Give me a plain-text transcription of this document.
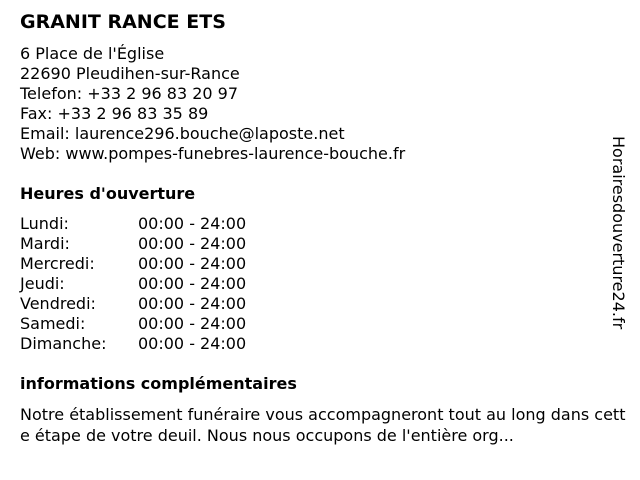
GRANIT RANCE ETS
6 Place de l'Église
22690 Pleudihen-sur-Rance
Telefon: +33 2 96 83 20 97
Fax: +33 2 96 83 35 89
Email: laurence296.bouche@laposte.net
Web: www.pompes-funebres-laurence-bouche.fr
Heures d'ouverture
Lundi:	00:00 - 24:00
Mardi:	00:00 - 24:00
Mercredi:	00:00 - 24:00
Jeudi:	00:00 - 24:00
Vendredi:	00:00 - 24:00
Samedi:	00:00 - 24:00
Dimanche: 00:00 - 24:00
informations complémentaires
Notre établissement funéraire vous accompagneront tout au long dans cette étape de votre deuil. Nous nous occupons de l'entière org...
Horairesdouverture24.fr
